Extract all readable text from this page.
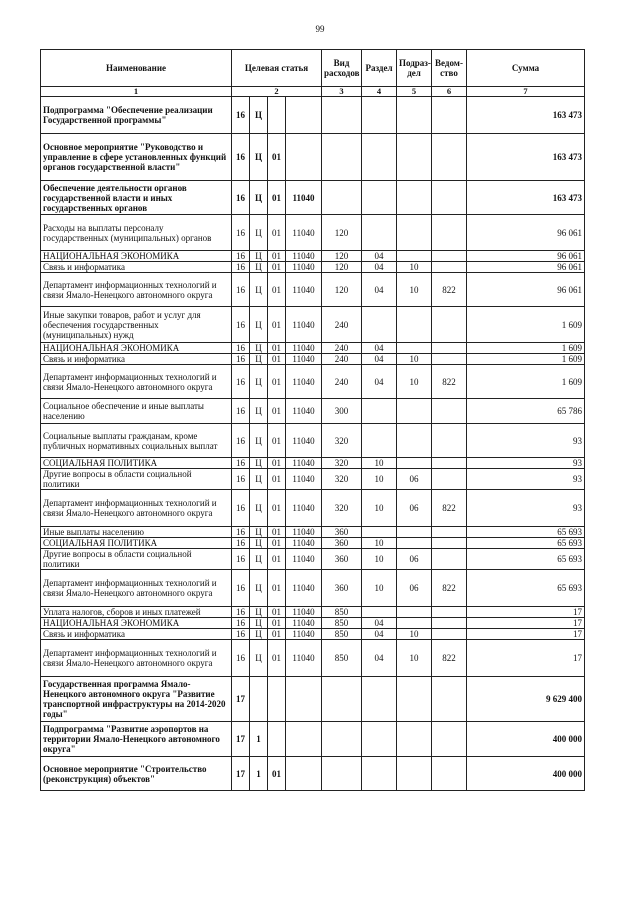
99
Наименование	Целевая статья				Вид расходов	Раздел	Подраз-дел	Ведом-ство	Сумма
1	2				3	4	5	6	7
Подпрограмма "Обеспечение реализации Государственной программы"	16	Ц							163 473
Основное мероприятие "Руководство и управление в сфере установленных функций органов государственной власти"	16	Ц	01						163 473
Обеспечение деятельности органов государственной власти и иных государственных органов	16	Ц	01	11040					163 473
Расходы на выплаты персоналу государственных (муниципальных) органов	16	Ц	01	11040	120				96 061
НАЦИОНАЛЬНАЯ ЭКОНОМИКА	16	Ц	01	11040	120	04			96 061
Связь и информатика	16	Ц	01	11040	120	04	10		96 061
Департамент информационных технологий и связи Ямало-Ненецкого автономного округа	16	Ц	01	11040	120	04	10	822	96 061
Иные закупки товаров, работ и услуг для обеспечения государственных (муниципальных) нужд	16	Ц	01	11040	240				1 609
НАЦИОНАЛЬНАЯ ЭКОНОМИКА	16	Ц	01	11040	240	04			1 609
Связь и информатика	16	Ц	01	11040	240	04	10		1 609
Департамент информационных технологий и связи Ямало-Ненецкого автономного округа	16	Ц	01	11040	240	04	10	822	1 609
Социальное обеспечение и иные выплаты населению	16	Ц	01	11040	300				65 786
Социальные выплаты гражданам, кроме публичных нормативных социальных выплат	16	Ц	01	11040	320				93
СОЦИАЛЬНАЯ ПОЛИТИКА	16	Ц	01	11040	320	10			93
Другие вопросы в области социальной политики	16	Ц	01	11040	320	10	06		93
Департамент информационных технологий и связи Ямало-Ненецкого автономного округа	16	Ц	01	11040	320	10	06	822	93
Иные выплаты населению	16	Ц	01	11040	360				65 693
СОЦИАЛЬНАЯ ПОЛИТИКА	16	Ц	01	11040	360	10			65 693
Другие вопросы в области социальной политики	16	Ц	01	11040	360	10	06		65 693
Департамент информационных технологий и связи Ямало-Ненецкого автономного округа	16	Ц	01	11040	360	10	06	822	65 693
Уплата налогов, сборов и иных платежей	16	Ц	01	11040	850				17
НАЦИОНАЛЬНАЯ ЭКОНОМИКА	16	Ц	01	11040	850	04			17
Связь и информатика	16	Ц	01	11040	850	04	10		17
Департамент информационных технологий и связи Ямало-Ненецкого автономного округа	16	Ц	01	11040	850	04	10	822	17
Государственная программа Ямало-Ненецкого автономного округа "Развитие транспортной инфраструктуры на 2014-2020 годы"	17								9 629 400
Подпрограмма "Развитие аэропортов на территории Ямало-Ненецкого автономного округа"	17	1							400 000
Основное мероприятие "Строительство (реконструкция) объектов"	17	1	01						400 000
